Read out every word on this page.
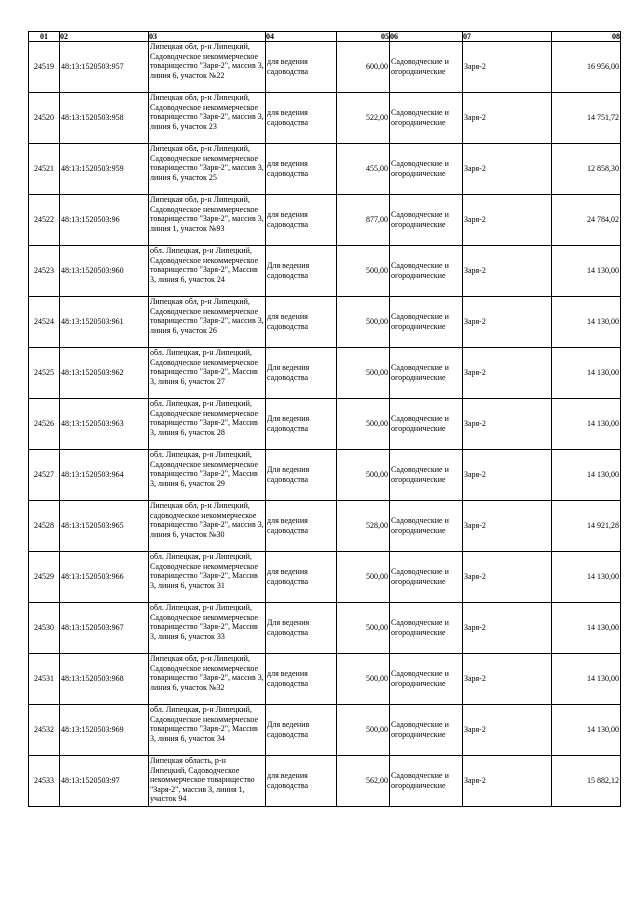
01	02	03	04	05	06	07	08
24519	48:13:1520503:957	Липецкая обл, р-н Липецкий, Садоводческое некоммерческое товарищество "Заря-2", массив 3, линия 6, участок №22	для ведения садоводства	600,00	Садоводческие и огороднические	Заря-2	16 956,00
24520	48:13:1520503:958	Липецкая обл, р-н Липецкий, Садоводческое некоммерческое товарищество "Заря-2", массив 3, линия 6, участок 23	для ведения садоводства	522,00	Садоводческие и огороднические	Заря-2	14 751,72
24521	48:13:1520503:959	Липецкая обл, р-н Липецкий, Садоводческое некоммерческое товарищество "Заря-2", массив 3, линия 6, участок 25	для ведения садоводства	455,00	Садоводческие и огороднические	Заря-2	12 858,30
24522	48:13:1520503:96	Липецкая обл, р-н Липецкий, Садоводческое некоммерческое товарищество "Заря-2", массив 3, линия 1, участок №93	для ведения садоводства	877,00	Садоводческие и огороднические	Заря-2	24 784,02
24523	48:13:1520503:960	обл. Липецкая, р-н Липецкий, Садоводческое некоммерческое товарищество "Заря-2", Массив 3, линия 6, участок 24	Для ведения садоводства	500,00	Садоводческие и огороднические	Заря-2	14 130,00
24524	48:13:1520503:961	Липецкая обл, р-н Липецкий, Садоводческое некоммерческое товарищество "Заря-2", массив 3, линия 6, участок 26	для ведения садоводства	500,00	Садоводческие и огороднические	Заря-2	14 130,00
24525	48:13:1520503:962	обл. Липецкая, р-н Липецкий, Садоводческое некоммерческое товарищество "Заря-2", Массив 3, линия 6, участок 27	Для ведения садоводства	500,00	Садоводческие и огороднические	Заря-2	14 130,00
24526	48:13:1520503:963	обл. Липецкая, р-н Липецкий, Садоводческое некоммерческое товарищество "Заря-2", Массив 3, линия 6, участок 28	Для ведения садоводства	500,00	Садоводческие и огороднические	Заря-2	14 130,00
24527	48:13:1520503:964	обл. Липецкая, р-н Липецкий, Садоводческое некоммерческое товарищество "Заря-2", Массив 3, линия 6, участок 29	Для ведения садоводства	500,00	Садоводческие и огороднические	Заря-2	14 130,00
24528	48:13:1520503:965	Липецкая обл, р-н Липецкий, садоводческое некоммерческое товарищество "Заря-2", массив 3, линия 6, участок №30	для ведения садоводства	528,00	Садоводческие и огороднические	Заря-2	14 921,28
24529	48:13:1520503:966	обл. Липецкая, р-н Липецкий, Садоводческое некоммерческое товарищество "Заря-2", Массив 3, линия 6, участок 31	для ведения садоводства	500,00	Садоводческие и огороднические	Заря-2	14 130,00
24530	48:13:1520503:967	обл. Липецкая, р-н Липецкий, Садоводческое некоммерческое товарищество "Заря-2", Массив 3, линия 6, участок 33	Для ведения садоводства	500,00	Садоводческие и огороднические	Заря-2	14 130,00
24531	48:13:1520503:968	Липецкая обл, р-н Липецкий, Садоводческое некоммерческое товарищество "Заря-2", массив 3, линия 6, участок №32	для ведения садоводства	500,00	Садоводческие и огороднические	Заря-2	14 130,00
24532	48:13:1520503:969	обл. Липецкая, р-н Липецкий, Садоводческое некоммерческое товарищество "Заря-2", Массив 3, линия 6, участок 34	Для ведения садоводства	500,00	Садоводческие и огороднические	Заря-2	14 130,00
24533	48:13:1520503:97	Липецкая область, р-н Липецкий, Садоводческое некоммерческое товарищество "Заря-2", массив 3, линия 1, участок 94	для ведения садоводства	562,00	Садоводческие и огороднические	Заря-2	15 882,12
